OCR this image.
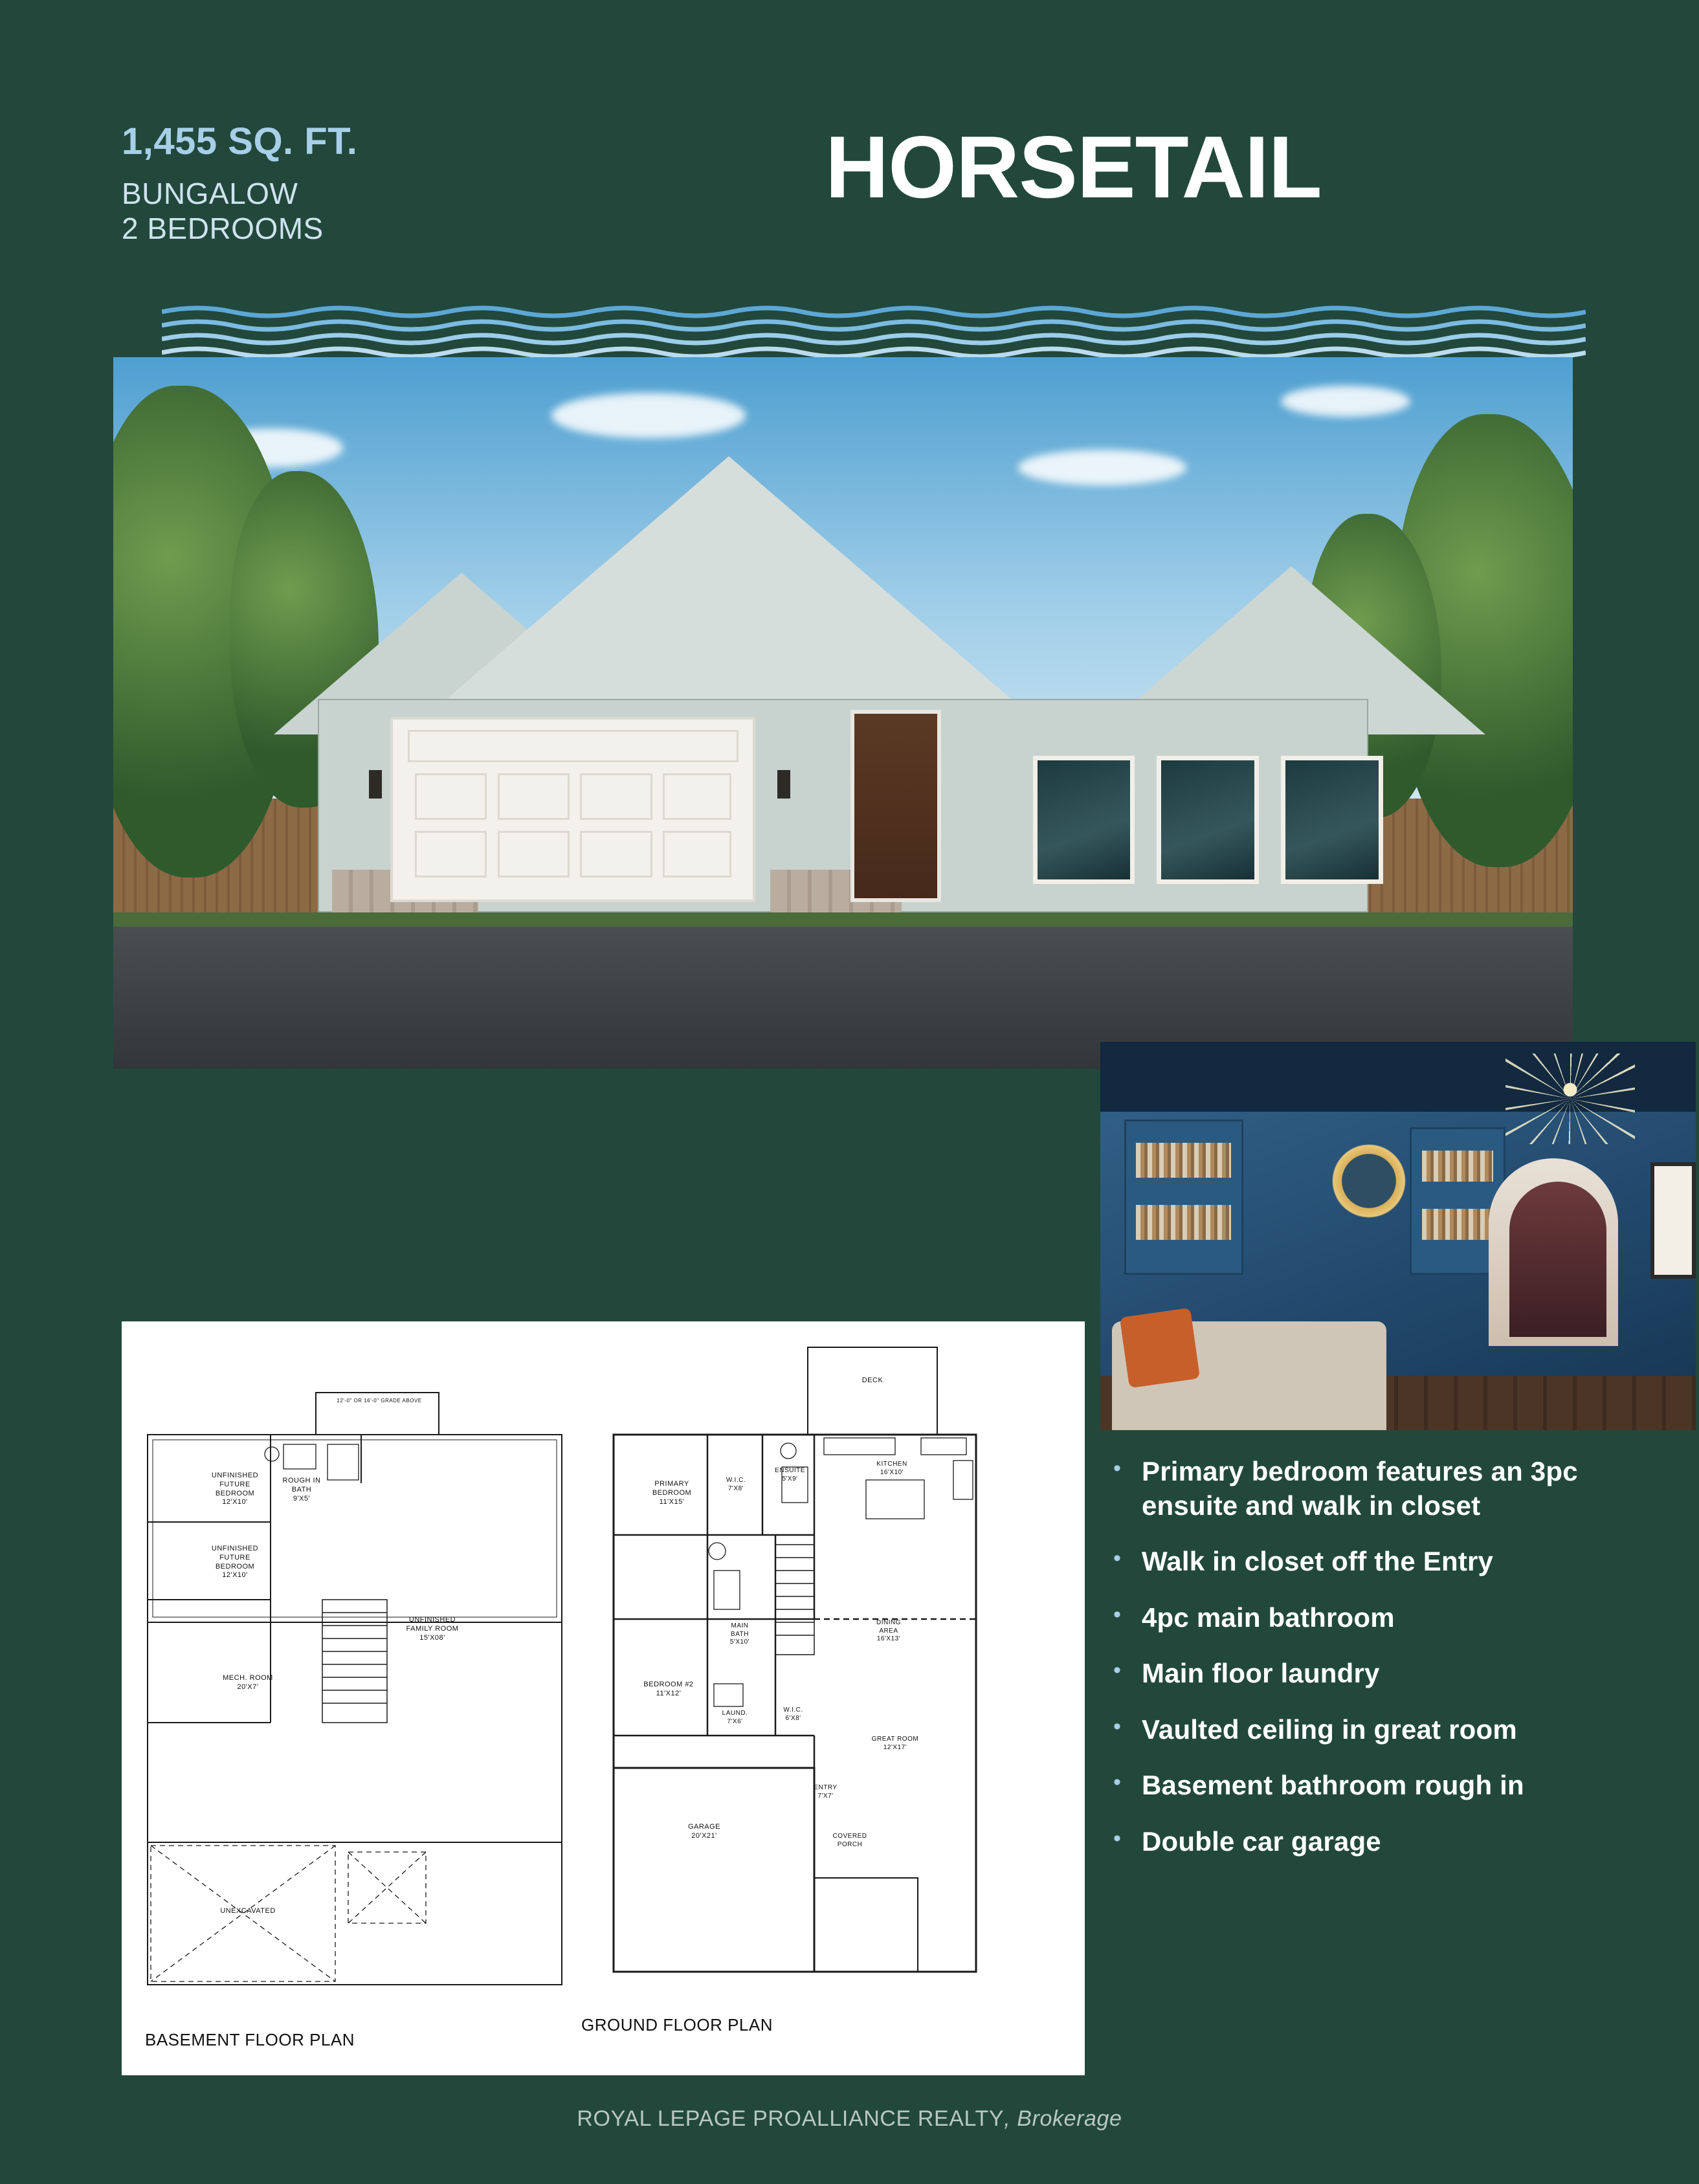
1,455 SQ. FT.
BUNGALOW
2 BEDROOMS
HORSETAIL
UNFINISHED
FUTURE
BEDROOM
12'X10'
ROUGH IN
BATH
9'X5'
UNFINISHED
FUTURE
BEDROOM
12'X10'
UNFINISHED
FAMILY ROOM
15'X08'
MECH. ROOM
20'X7'
UNEXCAVATED
12'-0" OR 16'-0" GRADE ABOVE
DECK
PRIMARY
BEDROOM
11'X15'
W.I.C.
7'X8'
ENSUITE
5'X9'
KITCHEN
16'X10'
MAIN
BATH
5'X10'
DINING
AREA
16'X13'
BEDROOM #2
11'X12'
LAUND.
7'X6'
W.I.C.
6'X8'
GREAT ROOM
12'X17'
ENTRY
7'X7'
GARAGE
20'X21'	COVERED
PORCH
BASEMENT FLOOR PLAN
GROUND FLOOR PLAN
• Primary bedroom features an 3pc ensuite and walk in closet
• Walk in closet off the Entry
• 4pc main bathroom
• Main floor laundry
• Vaulted ceiling in great room
• Basement bathroom rough in
• Double car garage
ROYAL LEPAGE PROALLIANCE REALTY, Brokerage
